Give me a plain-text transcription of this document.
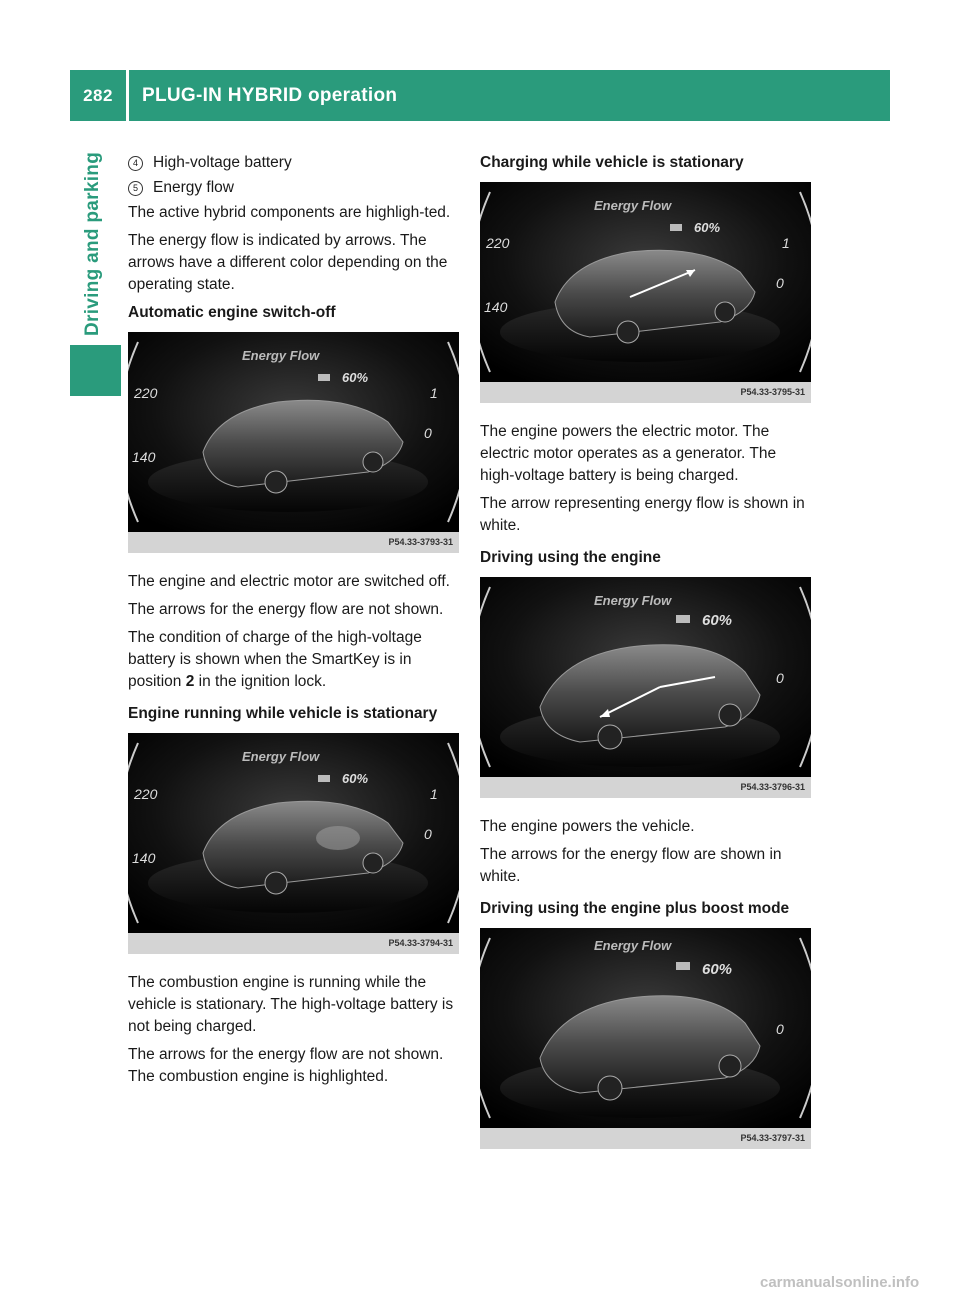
282	PLUG-IN HYBRID operation
Driving and parking	4 High-voltage battery
5 Energy flow

The active hybrid components are highligh-ted.

The energy flow is indicated by arrows. The arrows have a different color depending on the operating state.

Automatic engine switch-off
220
140
1
0
Energy Flow
60%
P54.33-3793-31

The engine and electric motor are switched off.

The arrows for the energy flow are not shown.

The condition of charge of the high-voltage battery is shown when the SmartKey is in position 2 in the ignition lock.

Engine running while vehicle is stationary
220
140
1
0
Energy Flow
60%
P54.33-3794-31

The combustion engine is running while the vehicle is stationary. The high-voltage battery is not being charged.

The arrows for the energy flow are not shown. The combustion engine is highlighted.

Charging while vehicle is stationary
220
140
1
0
Energy Flow
60%
P54.33-3795-31

The engine powers the electric motor. The electric motor operates as a generator. The high-voltage battery is being charged.

The arrow representing energy flow is shown in white.

Driving using the engine
0
Energy Flow
60%
P54.33-3796-31

The engine powers the vehicle.

The arrows for the energy flow are shown in white.

Driving using the engine plus boost mode
0
Energy Flow
60%
P54.33-3797-31
carmanualsonline.info
